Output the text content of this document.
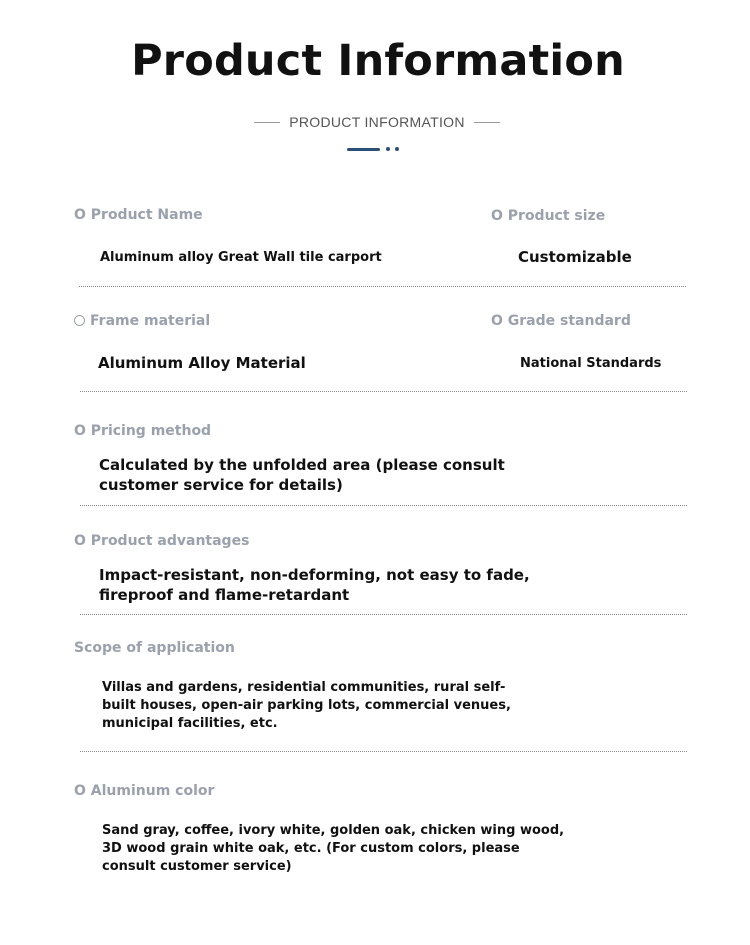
Product Information
PRODUCT INFORMATION
O Product Name	O Product size
Aluminum alloy Great Wall tile carport	Customizable
Frame material	O Grade standard
Aluminum Alloy Material	National Standards
O Pricing method
Calculated by the unfolded area (please consult
customer service for details)
O Product advantages
Impact-resistant, non-deforming, not easy to fade,
fireproof and flame-retardant
Scope of application
Villas and gardens, residential communities, rural self-
built houses, open-air parking lots, commercial venues,
municipal facilities, etc.
O Aluminum color
Sand gray, coffee, ivory white, golden oak, chicken wing wood,
3D wood grain white oak, etc. (For custom colors, please
consult customer service)
